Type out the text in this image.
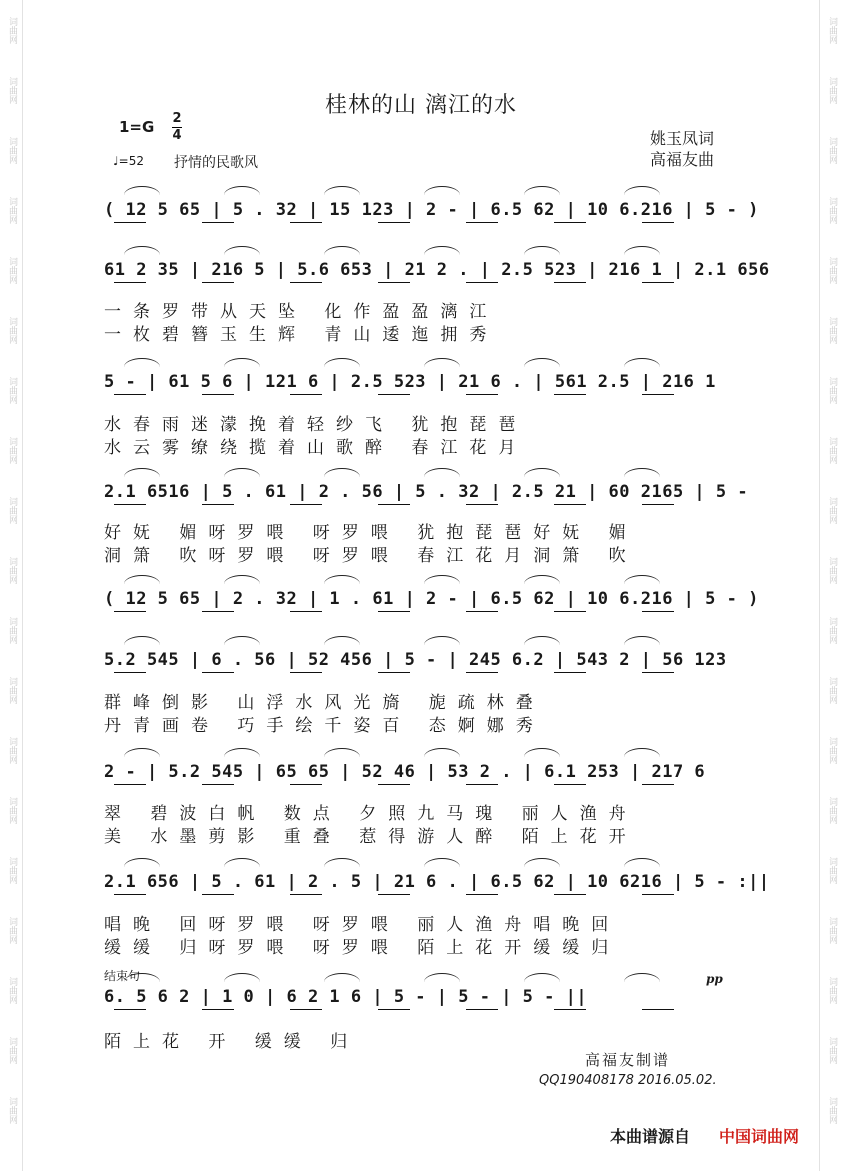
词曲网
词曲网
词曲网
词曲网
词曲网
词曲网
词曲网
词曲网
词曲网
词曲网
词曲网
词曲网
词曲网
词曲网
词曲网
词曲网
词曲网
词曲网
词曲网
词曲网
词曲网
词曲网
词曲网
词曲网
词曲网
词曲网
词曲网
词曲网
词曲网
词曲网
词曲网
词曲网
词曲网
词曲网
词曲网
词曲网
词曲网
词曲网
桂林的山 漓江的水
1=G 2
4
♩=52 抒情的民歌风
姚玉凤词
高福友曲
( 12 5 65 | 5 . 32 | 15 123 | 2 - | 6.5 62 | 10 6.216 | 5 - )
61 2 35 | 216 5 | 5.6 653 | 21 2 . | 2.5 523 | 216 1 | 2.1 656
一条罗带从天坠 化作盈盈漓江
一枚碧簪玉生辉 青山逶迤拥秀
5 - | 61 5 6 | 121 6 | 2.5 523 | 21 6 . | 561 2.5 | 216 1
水春雨迷濛挽着轻纱飞 犹抱琵琶
水云雾缭绕揽着山歌醉 春江花月
2.1 6516 | 5 . 61 | 2 . 56 | 5 . 32 | 2.5 21 | 60 2165 | 5 -
好妩 媚呀罗喂 呀罗喂 犹抱琵琶好妩 媚
洞箫 吹呀罗喂 呀罗喂 春江花月洞箫 吹
( 12 5 65 | 2 . 32 | 1 . 61 | 2 - | 6.5 62 | 10 6.216 | 5 - )
5.2 545 | 6 . 56 | 52 456 | 5 - | 245 6.2 | 543 2 | 56 123
群峰倒影 山浮水风光旖 旎疏林叠
丹青画卷 巧手绘千姿百 态婀娜秀
2 - | 5.2 545 | 65 65 | 52 46 | 53 2 . | 6.1 253 | 217 6
翠 碧波白帆 数点 夕照九马瑰 丽人渔舟
美 水墨剪影 重叠 惹得游人醉 陌上花开
2.1 656 | 5 . 61 | 2 . 5 | 21 6 . | 6.5 62 | 10 6216 | 5 - :||
唱晚 回呀罗喂 呀罗喂 丽人渔舟唱晚回
缓缓 归呀罗喂 呀罗喂 陌上花开缓缓归
6. 5 6 2 | 1 0 | 6 2 1 6 | 5 - | 5 - | 5 - ||
陌上花 开 缓缓 归
结束句	pp
高福友制谱
QQ190408178 2016.05.02.
本曲谱源自 中国词曲网
